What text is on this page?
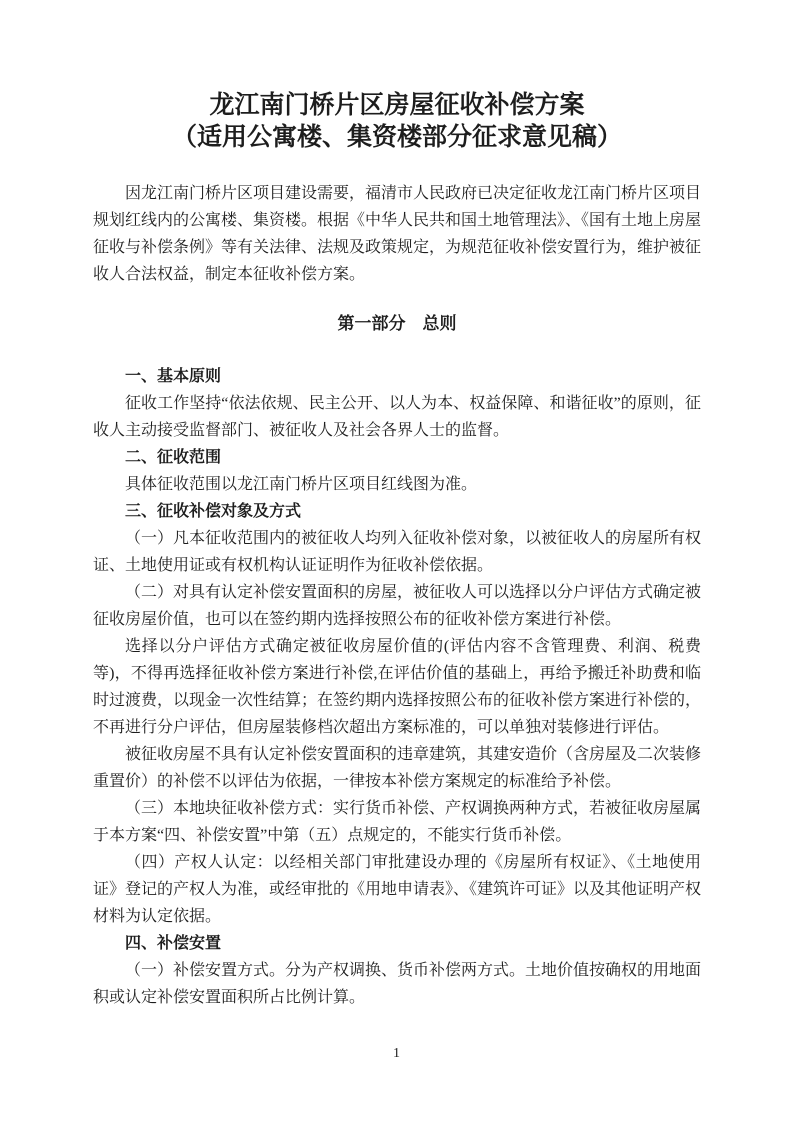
龙江南门桥片区房屋征收补偿方案
（适用公寓楼、集资楼部分征求意见稿）

因龙江南门桥片区项目建设需要，福清市人民政府已决定征收龙江南门桥片区项目规划红线内的公寓楼、集资楼。根据《中华人民共和国土地管理法》、《国有土地上房屋征收与补偿条例》等有关法律、法规及政策规定，为规范征收补偿安置行为，维护被征收人合法权益，制定本征收补偿方案。

第一部分　总则

一、基本原则

征收工作坚持“依法依规、民主公开、以人为本、权益保障、和谐征收”的原则，征收人主动接受监督部门、被征收人及社会各界人士的监督。

二、征收范围

具体征收范围以龙江南门桥片区项目红线图为准。

三、征收补偿对象及方式

（一）凡本征收范围内的被征收人均列入征收补偿对象，以被征收人的房屋所有权证、土地使用证或有权机构认证证明作为征收补偿依据。

（二）对具有认定补偿安置面积的房屋，被征收人可以选择以分户评估方式确定被征收房屋价值，也可以在签约期内选择按照公布的征收补偿方案进行补偿。

选择以分户评估方式确定被征收房屋价值的(评估内容不含管理费、利润、税费等)，不得再选择征收补偿方案进行补偿,在评估价值的基础上，再给予搬迁补助费和临时过渡费，以现金一次性结算；在签约期内选择按照公布的征收补偿方案进行补偿的，不再进行分户评估，但房屋装修档次超出方案标准的，可以单独对装修进行评估。

被征收房屋不具有认定补偿安置面积的违章建筑，其建安造价（含房屋及二次装修重置价）的补偿不以评估为依据，一律按本补偿方案规定的标准给予补偿。

（三）本地块征收补偿方式：实行货币补偿、产权调换两种方式，若被征收房屋属于本方案“四、补偿安置”中第（五）点规定的，不能实行货币补偿。

（四）产权人认定：以经相关部门审批建设办理的《房屋所有权证》、《土地使用证》登记的产权人为准，或经审批的《用地申请表》、《建筑许可证》以及其他证明产权材料为认定依据。

四、补偿安置

（一）补偿安置方式。分为产权调换、货币补偿两方式。土地价值按确权的用地面积或认定补偿安置面积所占比例计算。

1
